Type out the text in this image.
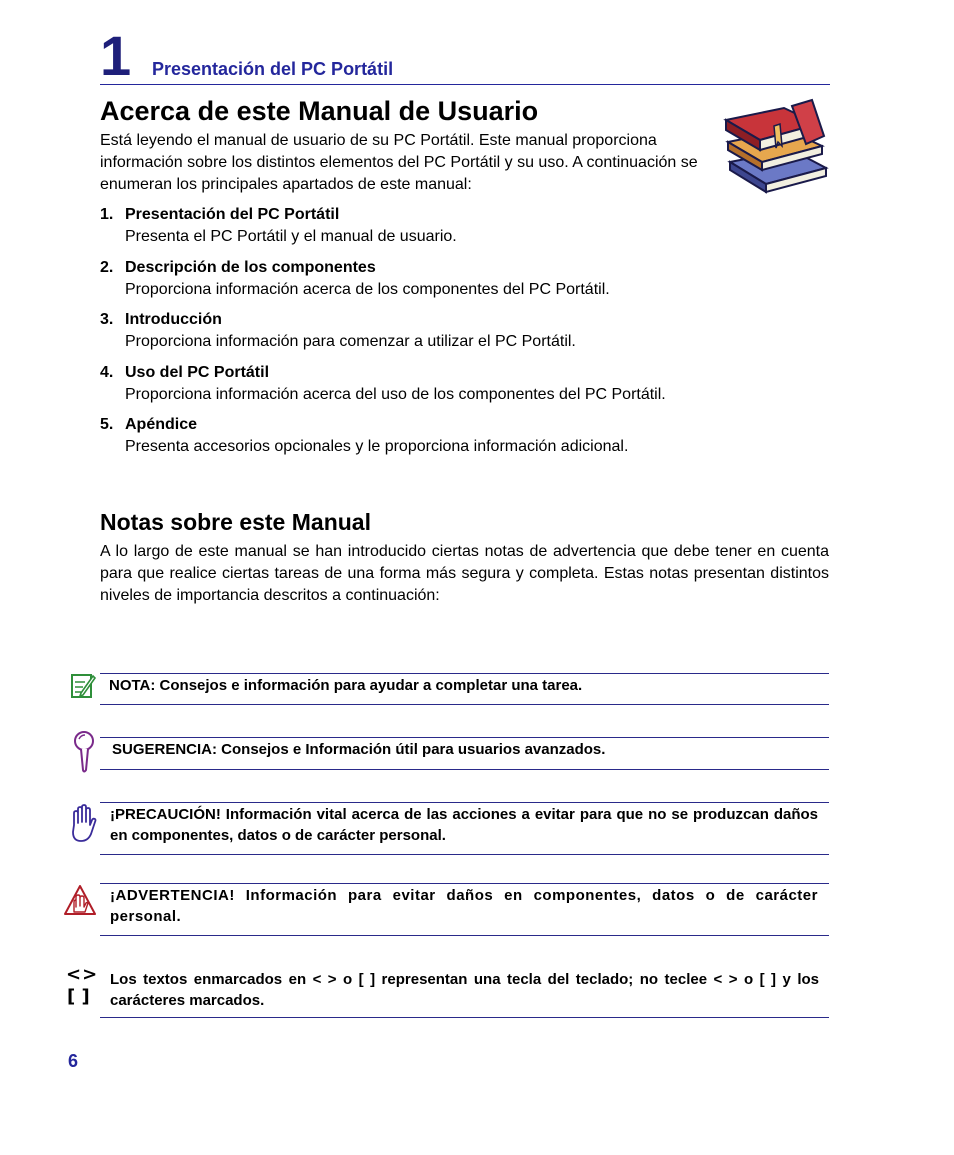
1 Presentación del PC Portátil
Acerca de este Manual de Usuario
Está leyendo el manual de usuario de su PC Portátil. Este manual proporciona información sobre los distintos elementos del PC Portátil y su uso. A continuación se enumeran los principales apartados de este manual:
1. Presentación del PC Portátil
Presenta el PC Portátil y el manual de usuario.
2. Descripción de los componentes
Proporciona información acerca de los componentes del PC Portátil.
3. Introducción
Proporciona información para comenzar a utilizar el PC Portátil.
4. Uso del PC Portátil
Proporciona información acerca del uso de los componentes del PC Portátil.
5. Apéndice
Presenta accesorios opcionales y le proporciona información adicional.
Notas sobre este Manual
A lo largo de este manual se han introducido ciertas notas de advertencia que debe tener en cuenta para que realice ciertas tareas de una forma más segura y completa. Estas notas presentan distintos niveles de importancia descritos a continuación:
NOTA: Consejos e información para ayudar a completar una tarea.
SUGERENCIA: Consejos e Información útil para usuarios avanzados.
¡PRECAUCIÓN! Información vital acerca de las acciones a evitar para que no se produzcan daños en componentes, datos o de carácter personal.
¡ADVERTENCIA! Información para evitar daños en componentes, datos o de carácter personal.
<>
[ ]
Los textos enmarcados en < > o [ ] representan una tecla del teclado; no teclee < > o [ ] y los carácteres marcados.
6
